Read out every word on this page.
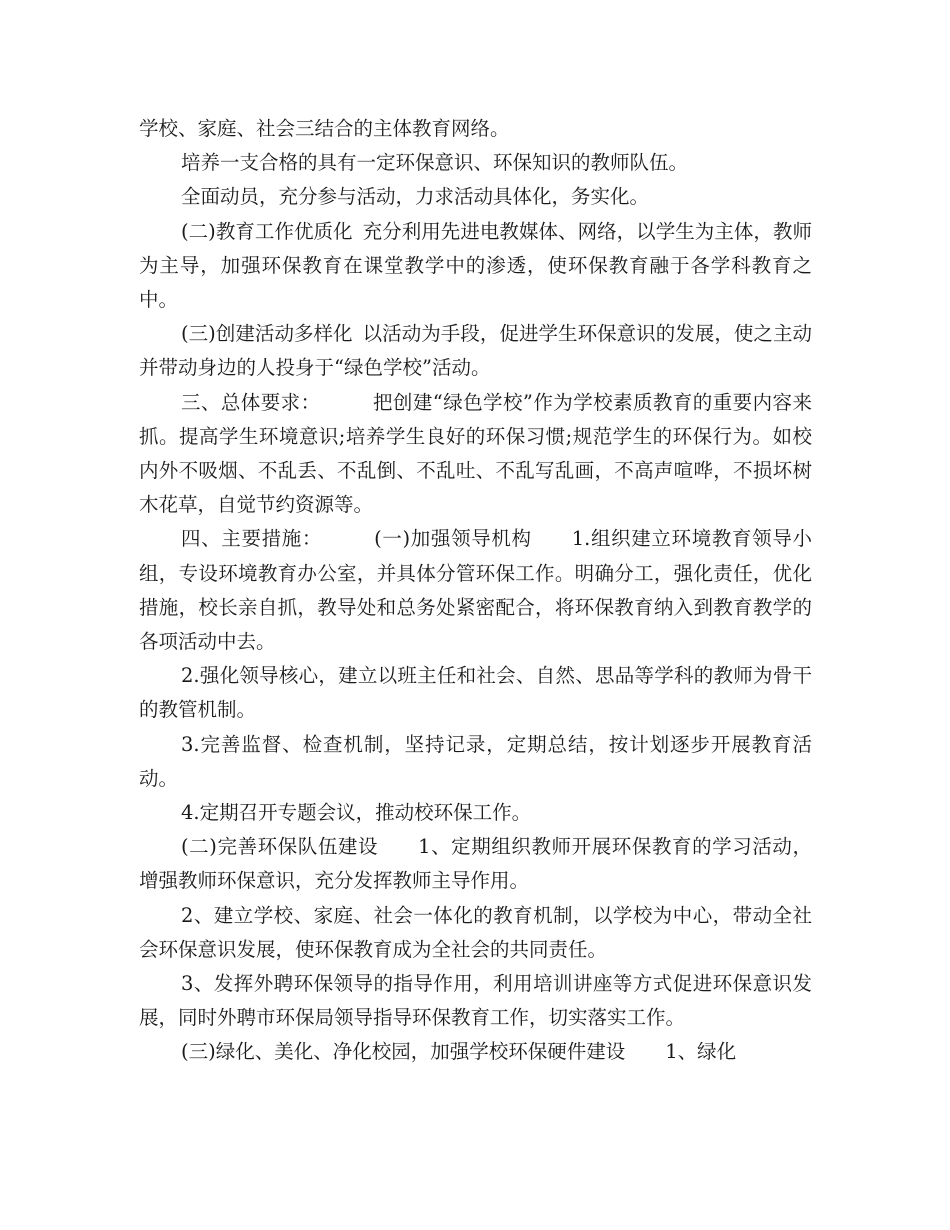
学校、家庭、社会三结合的主体教育网络。

培养一支合格的具有一定环保意识、环保知识的教师队伍。

全面动员，充分参与活动，力求活动具体化，务实化。

(二)教育工作优质化 充分利用先进电教媒体、网络，以学生为主体，教师为主导，加强环保教育在课堂教学中的渗透，使环保教育融于各学科教育之中。

(三)创建活动多样化 以活动为手段，促进学生环保意识的发展，使之主动并带动身边的人投身于“绿色学校”活动。

三、总体要求：	把创建“绿色学校”作为学校素质教育的重要内容来抓。提高学生环境意识;培养学生良好的环保习惯;规范学生的环保行为。如校内外不吸烟、不乱丢、不乱倒、不乱吐、不乱写乱画，不高声喧哗，不损坏树木花草，自觉节约资源等。

四、主要措施：	(一)加强领导机构 1.组织建立环境教育领导小组，专设环境教育办公室，并具体分管环保工作。明确分工，强化责任，优化措施，校长亲自抓，教导处和总务处紧密配合，将环保教育纳入到教育教学的各项活动中去。

2.强化领导核心，建立以班主任和社会、自然、思品等学科的教师为骨干的教管机制。

3.完善监督、检查机制，坚持记录，定期总结，按计划逐步开展教育活动。

4.定期召开专题会议，推动校环保工作。

(二)完善环保队伍建设 1、定期组织教师开展环保教育的学习活动，增强教师环保意识，充分发挥教师主导作用。

2、建立学校、家庭、社会一体化的教育机制，以学校为中心，带动全社会环保意识发展，使环保教育成为全社会的共同责任。

3、发挥外聘环保领导的指导作用，利用培训讲座等方式促进环保意识发展，同时外聘市环保局领导指导环保教育工作，切实落实工作。

(三)绿化、美化、净化校园，加强学校环保硬件建设 1、绿化
